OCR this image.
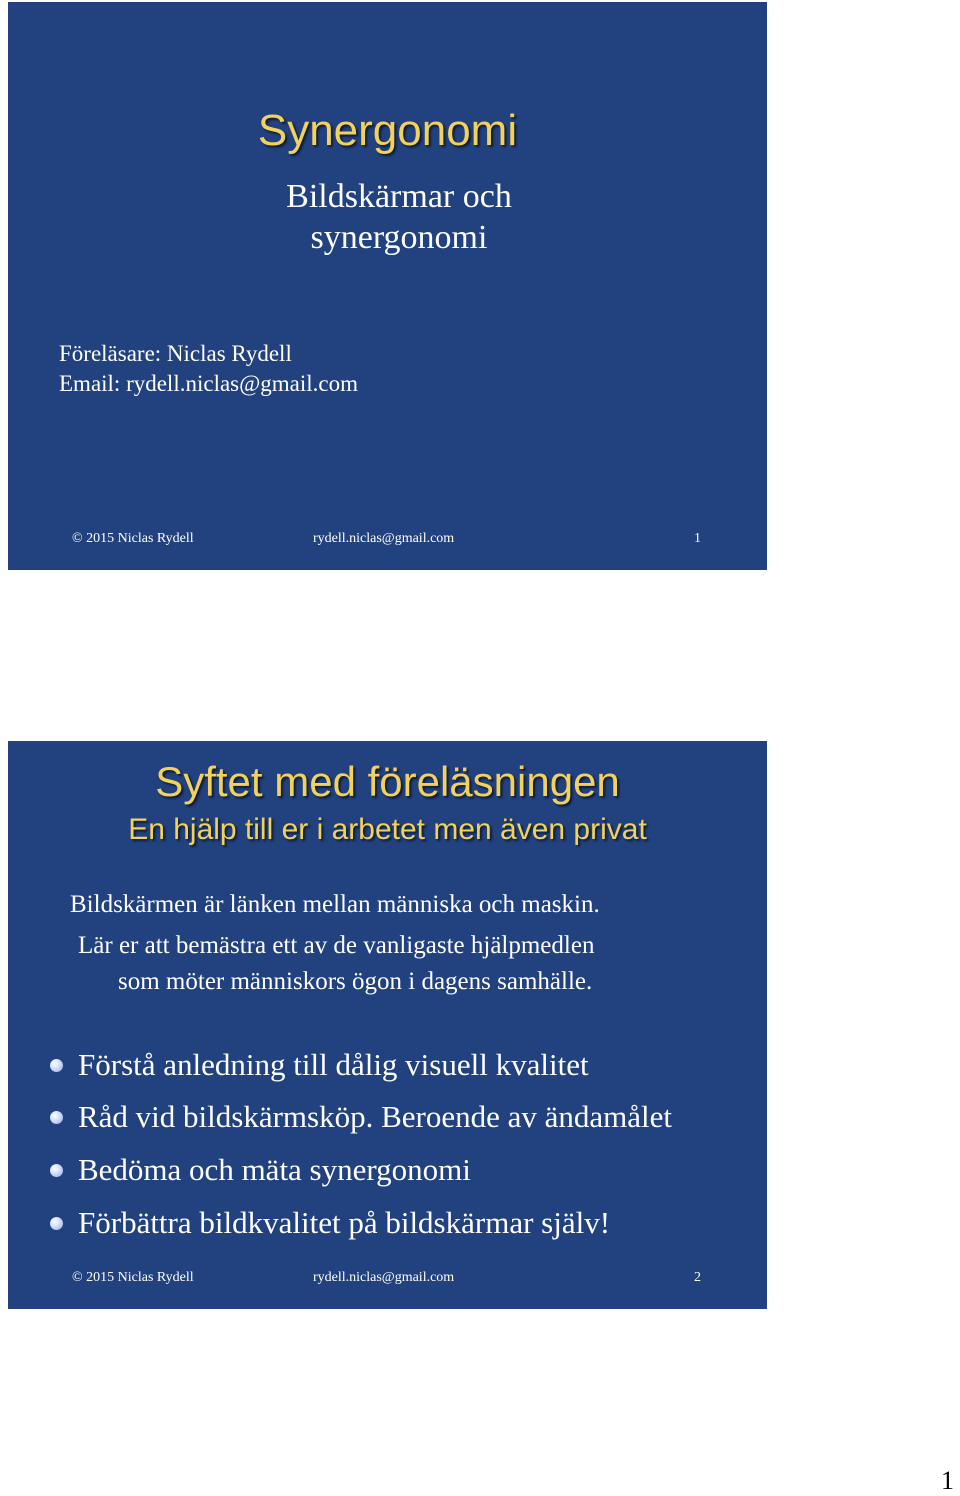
Synergonomi
Bildskärmar och
synergonomi
Föreläsare: Niclas Rydell
Email: rydell.niclas@gmail.com
© 2015 Niclas Rydell	rydell.niclas@gmail.com	1
Syftet med föreläsningen
En hjälp till er i arbetet men även privat
Bildskärmen är länken mellan människa och maskin.
Lär er att bemästra ett av de vanligaste hjälpmedlen
som möter människors ögon i dagens samhälle.
Förstå anledning till dålig visuell kvalitet
Råd vid bildskärmsköp. Beroende av ändamålet
Bedöma och mäta synergonomi
Förbättra bildkvalitet på bildskärmar själv!
© 2015 Niclas Rydell	rydell.niclas@gmail.com	2
1
